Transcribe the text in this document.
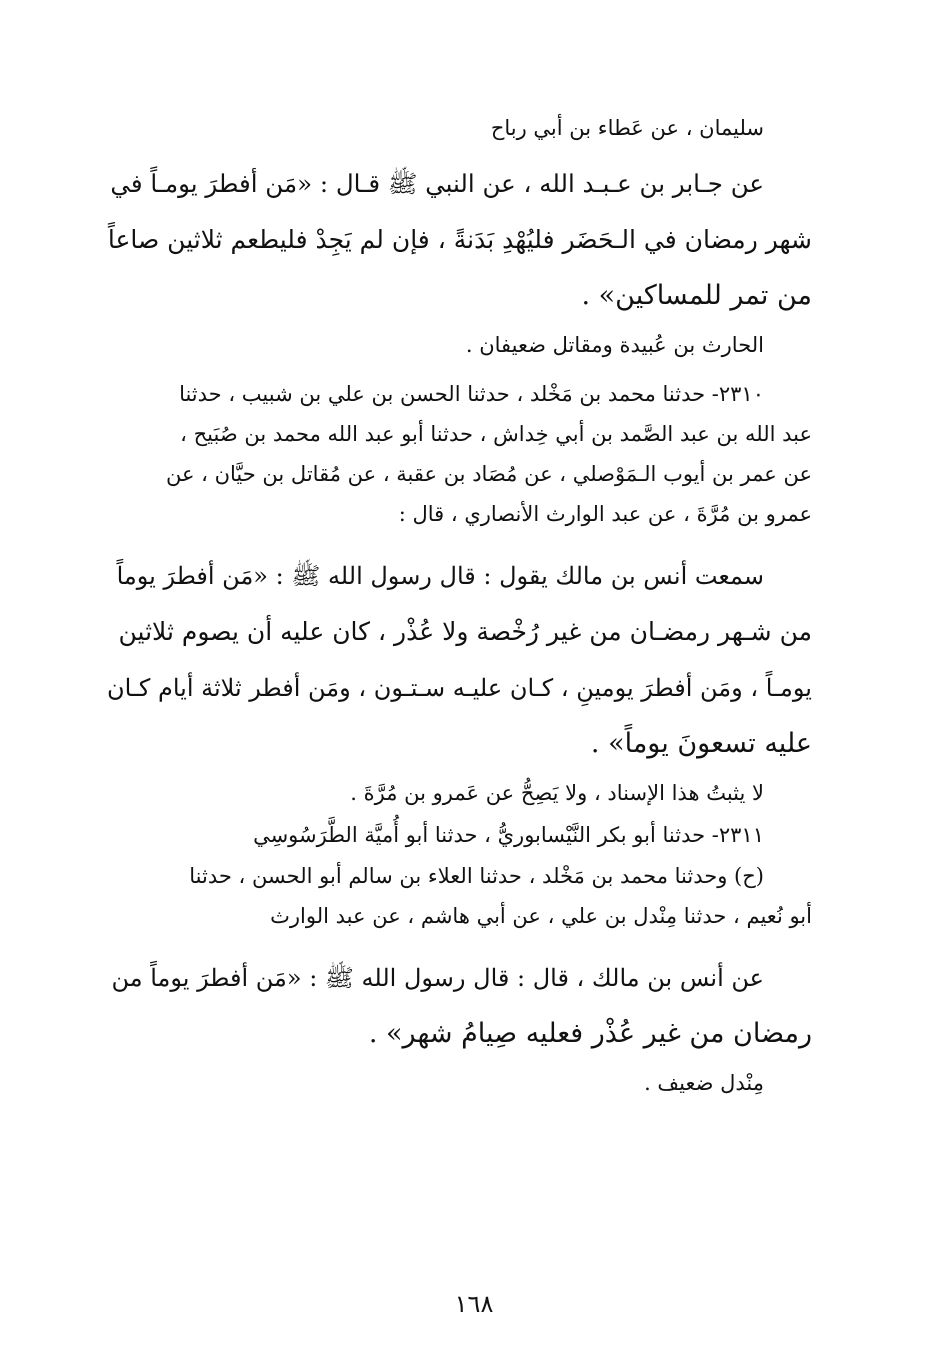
سليمان ، عن عَطاء بن أبي رباح
عن جـابر بن عـبـد الله ، عن النبي ﷺ قـال : «مَن أفطرَ يومـاً في
شهر رمضان في الـحَضَر فليُهْدِ بَدَنةً ، فإن لم يَجِدْ فليطعم ثلاثين صاعاً
من تمر للمساكين» .
الحارث بن عُبيدة ومقاتل ضعيفان .
٢٣١٠- حدثنا محمد بن مَخْلد ، حدثنا الحسن بن علي بن شبيب ، حدثنا
عبد الله بن عبد الصَّمد بن أبي خِداش ، حدثنا أبو عبد الله محمد بن صُبَيح ،
عن عمر بن أيوب الـمَوْصلي ، عن مُصَاد بن عقبة ، عن مُقاتل بن حيَّان ، عن
عمرو بن مُرَّةَ ، عن عبد الوارث الأنصاري ، قال :
سمعت أنس بن مالك يقول : قال رسول الله ﷺ : «مَن أفطرَ يوماً
من شـهر رمضـان من غير رُخْصة ولا عُذْر ، كان عليه أن يصوم ثلاثين
يومـاً ، ومَن أفطرَ يومينِ ، كـان عليـه سـتـون ، ومَن أفطر ثلاثة أيام كـان
عليه تسعونَ يوماً» .
لا يثبتُ هذا الإسناد ، ولا يَصِحُّ عن عَمرو بن مُرَّةَ .
٢٣١١- حدثنا أبو بكر النَّيْسابوريُّ ، حدثنا أبو أُميَّة الطَّرَسُوسِي
(ح) وحدثنا محمد بن مَخْلد ، حدثنا العلاء بن سالم أبو الحسن ، حدثنا
أبو نُعيم ، حدثنا مِنْدل بن علي ، عن أبي هاشم ، عن عبد الوارث
عن أنس بن مالك ، قال : قال رسول الله ﷺ : «مَن أفطرَ يوماً من
رمضان من غير عُذْر فعليه صِيامُ شهر» .
مِنْدل ضعيف .
١٦٨
